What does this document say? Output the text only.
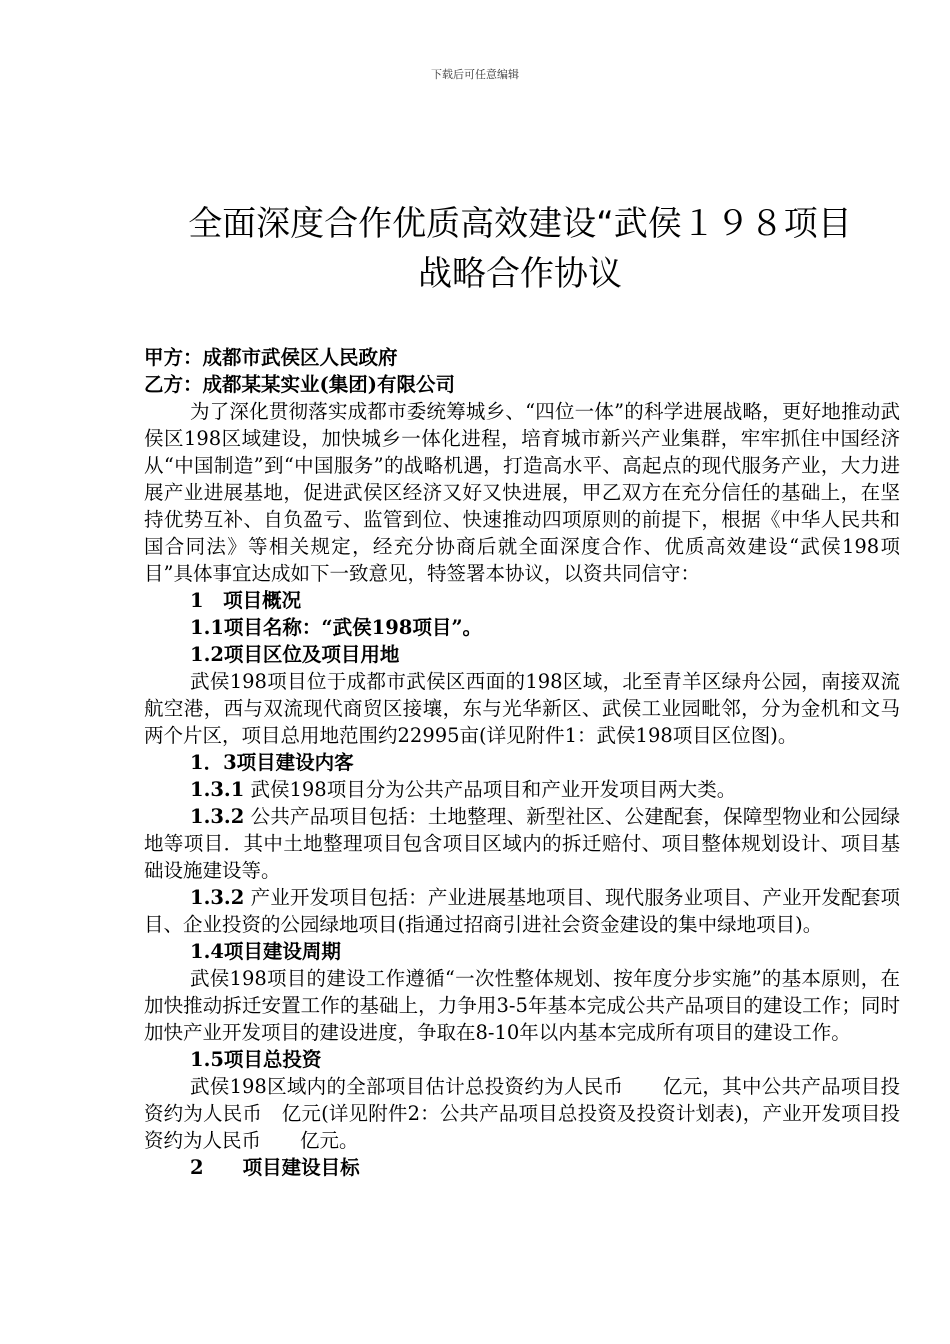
下载后可任意编辑
全面深度合作优质高效建设“武侯１９８项目
战略合作协议
甲方：成都市武侯区人民政府
乙方：成都某某实业(集团)有限公司
为了深化贯彻落实成都市委统筹城乡、“四位一体”的科学进展战略，更好地推动武侯区198区域建设，加快城乡一体化进程，培育城市新兴产业集群，牢牢抓住中国经济从“中国制造”到“中国服务”的战略机遇，打造高水平、高起点的现代服务产业，大力进展产业进展基地，促进武侯区经济又好又快进展，甲乙双方在充分信任的基础上，在坚持优势互补、自负盈亏、监管到位、快速推动四项原则的前提下，根据《中华人民共和国合同法》等相关规定，经充分协商后就全面深度合作、优质高效建设“武侯198项目”具体事宜达成如下一致意见，特签署本协议，以资共同信守：
1　项目概况
1.1项目名称：“武侯198项目”。
1.2项目区位及项目用地
武侯198项目位于成都市武侯区西面的198区域，北至青羊区绿舟公园，南接双流航空港，西与双流现代商贸区接壤，东与光华新区、武侯工业园毗邻，分为金机和文马两个片区，项目总用地范围约22995亩(详见附件1：武侯198项目区位图)。
1．3项目建设内客
1.3.1 武侯198项目分为公共产品项目和产业开发项目两大类。
1.3.2 公共产品项目包括：土地整理、新型社区、公建配套，保障型物业和公园绿地等项目．其中土地整理项目包含项目区域内的拆迁赔付、项目整体规划设计、项目基础设施建设等。
1.3.2 产业开发项目包括：产业进展基地项目、现代服务业项目、产业开发配套项目、企业投资的公园绿地项目(指通过招商引进社会资金建设的集中绿地项目)。
1.4项目建设周期
武侯198项目的建设工作遵循“一次性整体规划、按年度分步实施”的基本原则，在加快推动拆迁安置工作的基础上，力争用3-5年基本完成公共产品项目的建设工作；同时加快产业开发项目的建设进度，争取在8-10年以内基本完成所有项目的建设工作。
1.5项目总投资
武侯198区域内的全部项目估计总投资约为人民币　　亿元，其中公共产品项目投资约为人民币　亿元(详见附件2：公共产品项目总投资及投资计划表)，产业开发项目投资约为人民币　　亿元。
2　　项目建设目标
